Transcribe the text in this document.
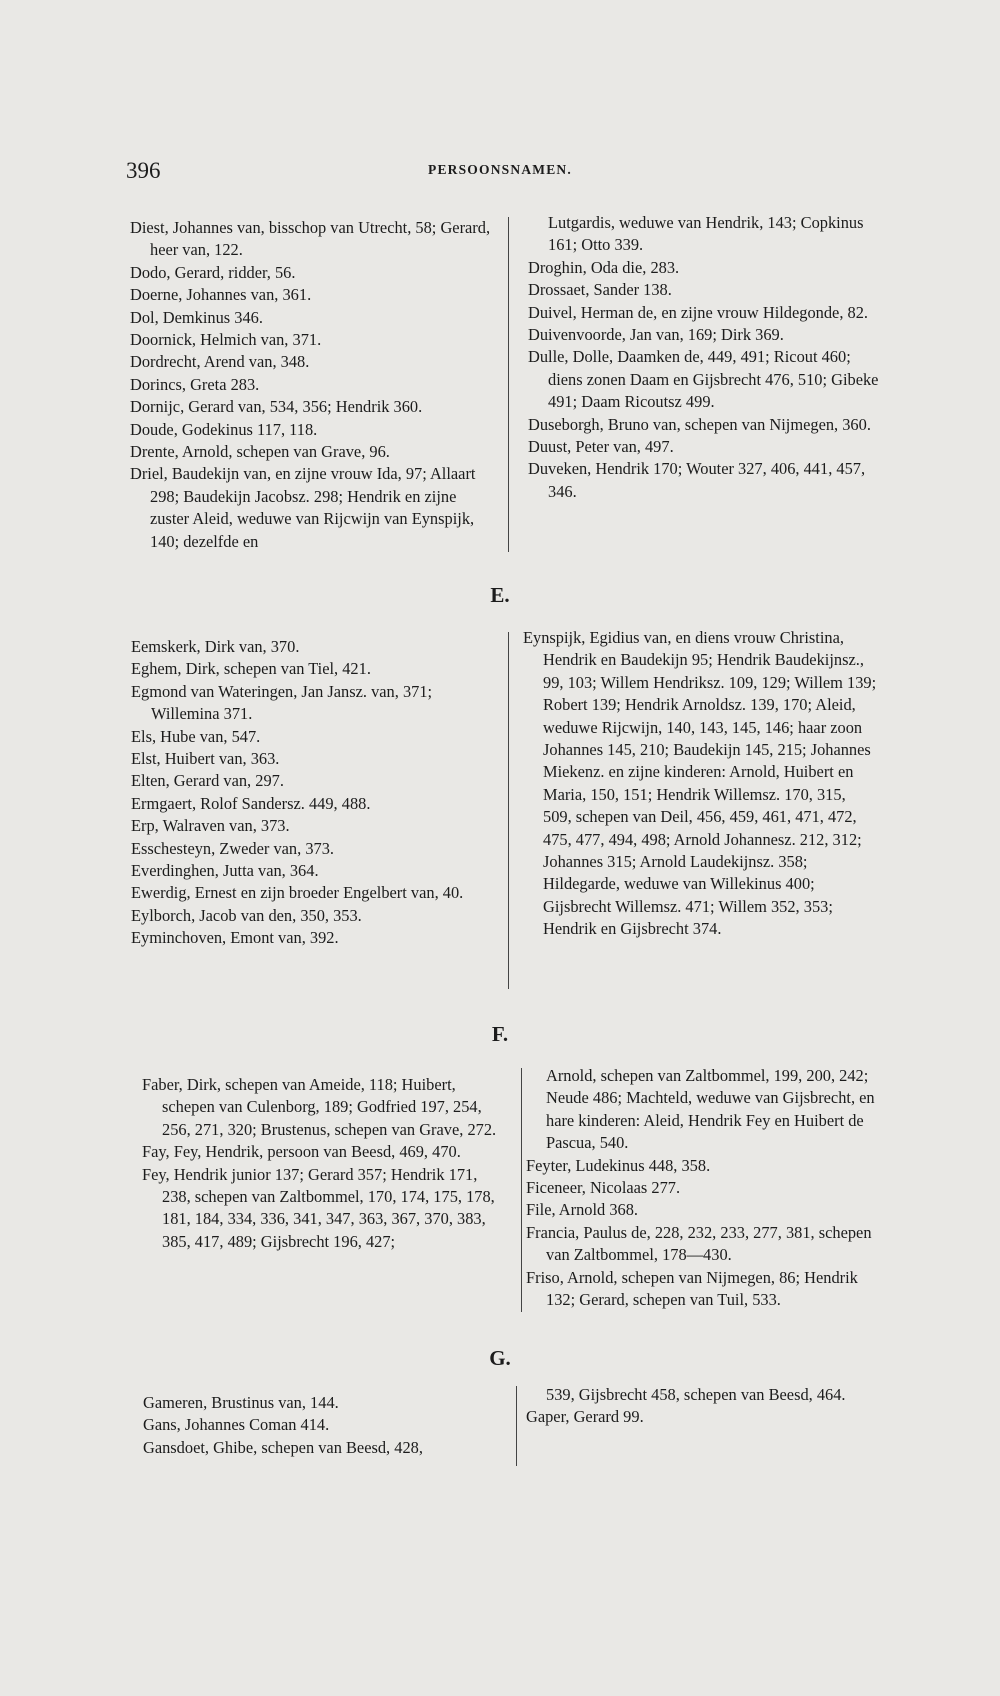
396	PERSOONSNAMEN.

Diest, Johannes van, bisschop van Utrecht, 58; Gerard, heer van, 122.

Dodo, Gerard, ridder, 56.

Doerne, Johannes van, 361.

Dol, Demkinus 346.

Doornick, Helmich van, 371.

Dordrecht, Arend van, 348.

Dorincs, Greta 283.

Dornijc, Gerard van, 534, 356; Hendrik 360.

Doude, Godekinus 117, 118.

Drente, Arnold, schepen van Grave, 96.

Driel, Baudekijn van, en zijne vrouw Ida, 97; Allaart 298; Baudekijn Jacobsz. 298; Hendrik en zijne zuster Aleid, weduwe van Rijcwijn van Eynspijk, 140; dezelfde en

Lutgardis, weduwe van Hendrik, 143; Copkinus 161; Otto 339.

Droghin, Oda die, 283.

Drossaet, Sander 138.

Duivel, Herman de, en zijne vrouw Hildegonde, 82.

Duivenvoorde, Jan van, 169; Dirk 369.

Dulle, Dolle, Daamken de, 449, 491; Ricout 460; diens zonen Daam en Gijsbrecht 476, 510; Gibeke 491; Daam Ricoutsz 499.

Duseborgh, Bruno van, schepen van Nijmegen, 360.

Duust, Peter van, 497.

Duveken, Hendrik 170; Wouter 327, 406, 441, 457, 346.

E.

Eemskerk, Dirk van, 370.

Eghem, Dirk, schepen van Tiel, 421.

Egmond van Wateringen, Jan Jansz. van, 371; Willemina 371.

Els, Hube van, 547.

Elst, Huibert van, 363.

Elten, Gerard van, 297.

Ermgaert, Rolof Sandersz. 449, 488.

Erp, Walraven van, 373.

Esschesteyn, Zweder van, 373.

Everdinghen, Jutta van, 364.

Ewerdig, Ernest en zijn broeder Engelbert van, 40.

Eylborch, Jacob van den, 350, 353.

Eyminchoven, Emont van, 392.

Eynspijk, Egidius van, en diens vrouw Christina, Hendrik en Baudekijn 95; Hendrik Baudekijnsz., 99, 103; Willem Hendriksz. 109, 129; Willem 139; Robert 139; Hendrik Arnoldsz. 139, 170; Aleid, weduwe Rijcwijn, 140, 143, 145, 146; haar zoon Johannes 145, 210; Baudekijn 145, 215; Johannes Miekenz. en zijne kinderen: Arnold, Huibert en Maria, 150, 151; Hendrik Willemsz. 170, 315, 509, schepen van Deil, 456, 459, 461, 471, 472, 475, 477, 494, 498; Arnold Johannesz. 212, 312; Johannes 315; Arnold Laudekijnsz. 358; Hildegarde, weduwe van Willekinus 400; Gijsbrecht Willemsz. 471; Willem 352, 353; Hendrik en Gijsbrecht 374.

F.

Faber, Dirk, schepen van Ameide, 118; Huibert, schepen van Culenborg, 189; Godfried 197, 254, 256, 271, 320; Brustenus, schepen van Grave, 272.

Fay, Fey, Hendrik, persoon van Beesd, 469, 470.

Fey, Hendrik junior 137; Gerard 357; Hendrik 171, 238, schepen van Zaltbommel, 170, 174, 175, 178, 181, 184, 334, 336, 341, 347, 363, 367, 370, 383, 385, 417, 489; Gijsbrecht 196, 427;

Arnold, schepen van Zaltbommel, 199, 200, 242; Neude 486; Machteld, weduwe van Gijsbrecht, en hare kinderen: Aleid, Hendrik Fey en Huibert de Pascua, 540.

Feyter, Ludekinus 448, 358.

Ficeneer, Nicolaas 277.

File, Arnold 368.

Francia, Paulus de, 228, 232, 233, 277, 381, schepen van Zaltbommel, 178—430.

Friso, Arnold, schepen van Nijmegen, 86; Hendrik 132; Gerard, schepen van Tuil, 533.

G.

Gameren, Brustinus van, 144.

Gans, Johannes Coman 414.

Gansdoet, Ghibe, schepen van Beesd, 428,

539, Gijsbrecht 458, schepen van Beesd, 464.

Gaper, Gerard 99.
